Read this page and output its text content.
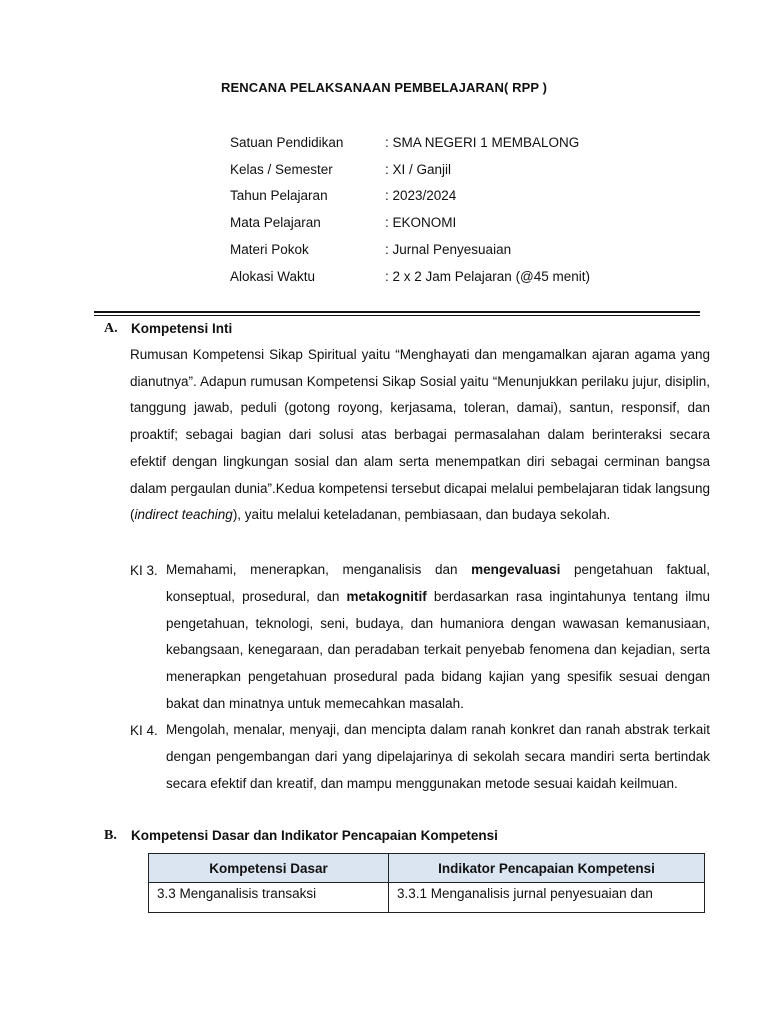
RENCANA PELAKSANAAN PEMBELAJARAN( RPP )
Satuan Pendidikan	: SMA NEGERI 1 MEMBALONG
Kelas / Semester	: XI / Ganjil
Tahun Pelajaran	: 2023/2024
Mata Pelajaran	: EKONOMI
Materi Pokok	: Jurnal Penyesuaian
Alokasi Waktu	: 2 x 2 Jam Pelajaran (@45 menit)
A. Kompetensi Inti
Rumusan Kompetensi Sikap Spiritual yaitu “Menghayati dan mengamalkan ajaran agama yang dianutnya”. Adapun rumusan Kompetensi Sikap Sosial yaitu “Menunjukkan perilaku jujur, disiplin, tanggung jawab, peduli (gotong royong, kerjasama, toleran, damai), santun, responsif, dan proaktif; sebagai bagian dari solusi atas berbagai permasalahan dalam berinteraksi secara efektif dengan lingkungan sosial dan alam serta menempatkan diri sebagai cerminan bangsa dalam pergaulan dunia”.Kedua kompetensi tersebut dicapai melalui pembelajaran tidak langsung (indirect teaching), yaitu melalui keteladanan, pembiasaan, dan budaya sekolah.
KI 3. Memahami, menerapkan, menganalisis dan mengevaluasi pengetahuan faktual, konseptual, prosedural, dan metakognitif berdasarkan rasa ingintahunya tentang ilmu pengetahuan, teknologi, seni, budaya, dan humaniora dengan wawasan kemanusiaan, kebangsaan, kenegaraan, dan peradaban terkait penyebab fenomena dan kejadian, serta menerapkan pengetahuan prosedural pada bidang kajian yang spesifik sesuai dengan bakat dan minatnya untuk memecahkan masalah.
KI 4. Mengolah, menalar, menyaji, dan mencipta dalam ranah konkret dan ranah abstrak terkait dengan pengembangan dari yang dipelajarinya di sekolah secara mandiri serta bertindak secara efektif dan kreatif, dan mampu menggunakan metode sesuai kaidah keilmuan.
B. Kompetensi Dasar dan Indikator Pencapaian Kompetensi
Kompetensi Dasar	Indikator Pencapaian Kompetensi
3.3 Menganalisis transaksi	3.3.1 Menganalisis jurnal penyesuaian dan
